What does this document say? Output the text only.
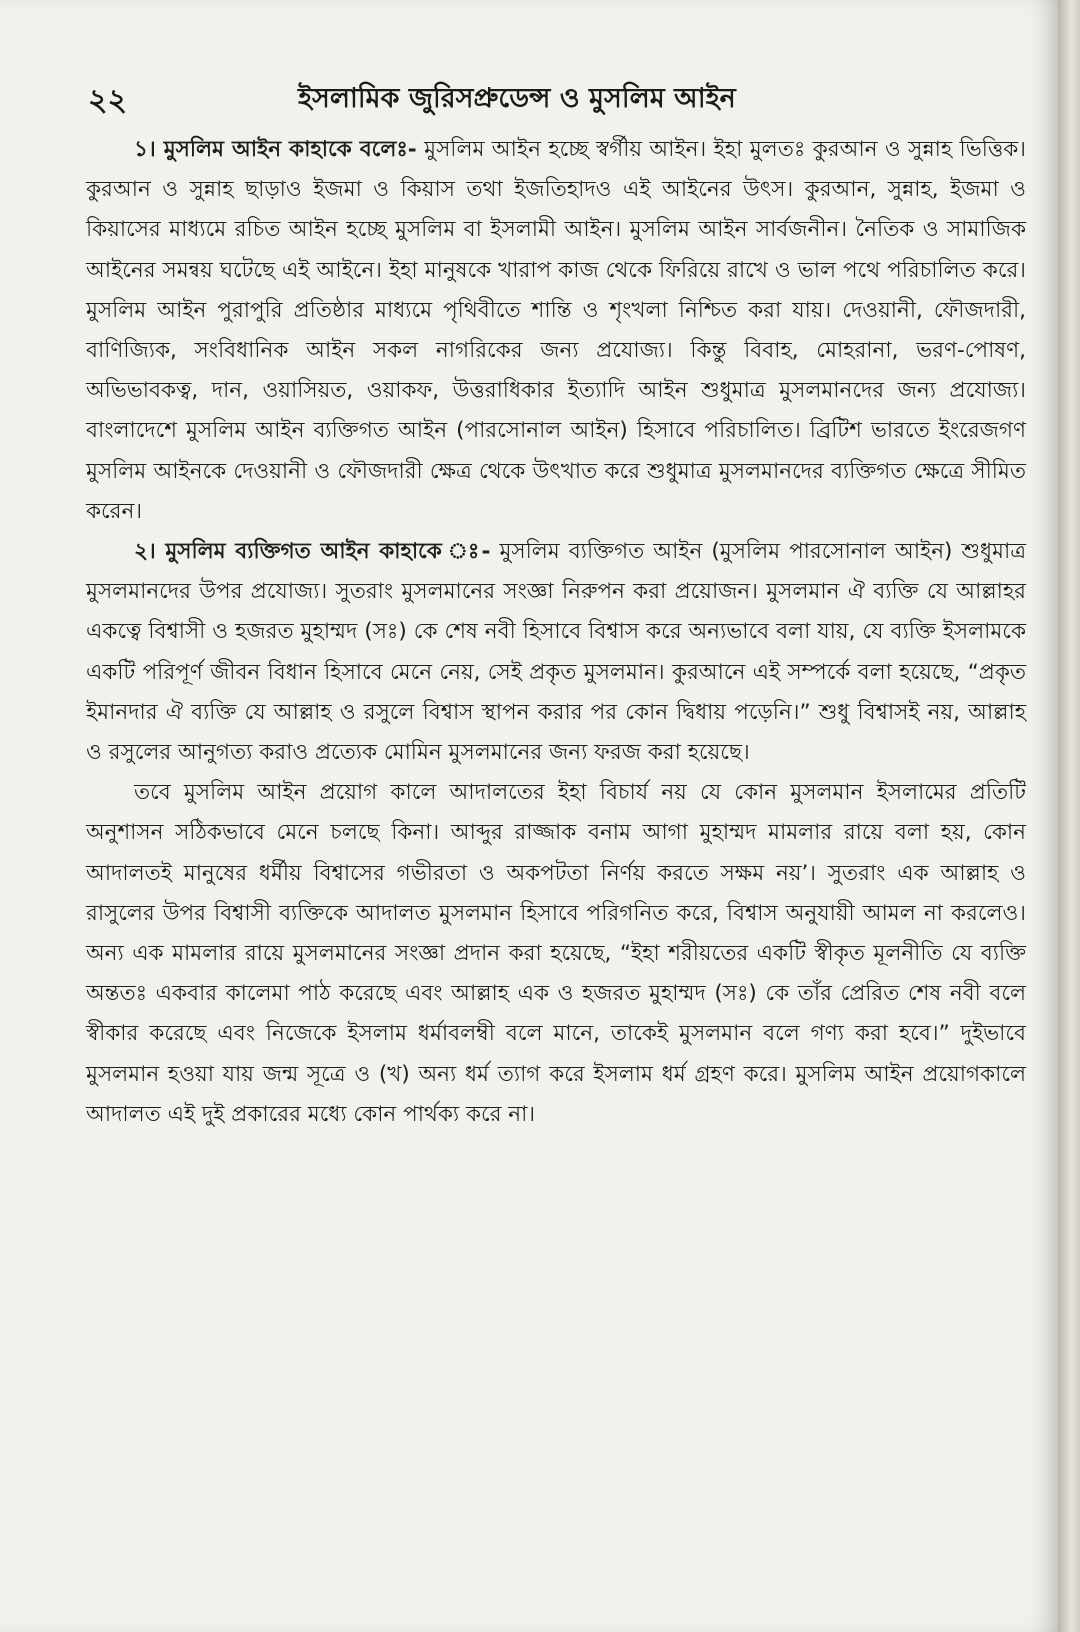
২২	ইসলামিক জুরিসপ্রুডেন্স ও মুসলিম আইন

১। মুসলিম আইন কাহাকে বলেঃ- মুসলিম আইন হচ্ছে স্বর্গীয় আইন। ইহা মুলতঃ কুরআন ও সুন্নাহ ভিত্তিক। কুরআন ও সুন্নাহ ছাড়াও ইজমা ও কিয়াস তথা ইজতিহাদও এই আইনের উৎস। কুরআন, সুন্নাহ, ইজমা ও কিয়াসের মাধ্যমে রচিত আইন হচ্ছে মুসলিম বা ইসলামী আইন। মুসলিম আইন সার্বজনীন। নৈতিক ও সামাজিক আইনের সমন্বয় ঘটেছে এই আইনে। ইহা মানুষকে খারাপ কাজ থেকে ফিরিয়ে রাখে ও ভাল পথে পরিচালিত করে। মুসলিম আইন পুরাপুরি প্রতিষ্ঠার মাধ্যমে পৃথিবীতে শান্তি ও শৃংখলা নিশ্চিত করা যায়। দেওয়ানী, ফৌজদারী, বাণিজ্যিক, সংবিধানিক আইন সকল নাগরিকের জন্য প্রযোজ্য। কিন্তু বিবাহ, মোহরানা, ভরণ-পোষণ, অভিভাবকত্ব, দান, ওয়াসিয়ত, ওয়াকফ, উত্তরাধিকার ইত্যাদি আইন শুধুমাত্র মুসলমানদের জন্য প্রযোজ্য। বাংলাদেশে মুসলিম আইন ব্যক্তিগত আইন (পারসোনাল আইন) হিসাবে পরিচালিত। ব্রিটিশ ভারতে ইংরেজগণ মুসলিম আইনকে দেওয়ানী ও ফৌজদারী ক্ষেত্র থেকে উৎখাত করে শুধুমাত্র মুসলমানদের ব্যক্তিগত ক্ষেত্রে সীমিত করেন।

২। মুসলিম ব্যক্তিগত আইন কাহাকে ঃ- মুসলিম ব্যক্তিগত আইন (মুসলিম পারসোনাল আইন) শুধুমাত্র মুসলমানদের উপর প্রযোজ্য। সুতরাং মুসলমানের সংজ্ঞা নিরুপন করা প্রয়োজন। মুসলমান ঐ ব্যক্তি যে আল্লাহর একত্বে বিশ্বাসী ও হজরত মুহাম্মদ (সঃ) কে শেষ নবী হিসাবে বিশ্বাস করে অন্যভাবে বলা যায়, যে ব্যক্তি ইসলামকে একটি পরিপূর্ণ জীবন বিধান হিসাবে মেনে নেয়, সেই প্রকৃত মুসলমান। কুরআনে এই সম্পর্কে বলা হয়েছে, “প্রকৃত ইমানদার ঐ ব্যক্তি যে আল্লাহ ও রসুলে বিশ্বাস স্থাপন করার পর কোন দ্বিধায় পড়েনি।” শুধু বিশ্বাসই নয়, আল্লাহ ও রসুলের আনুগত্য করাও প্রত্যেক মোমিন মুসলমানের জন্য ফরজ করা হয়েছে।

তবে মুসলিম আইন প্রয়োগ কালে আদালতের ইহা বিচার্য নয় যে কোন মুসলমান ইসলামের প্রতিটি অনুশাসন সঠিকভাবে মেনে চলছে কিনা। আব্দুর রাজ্জাক বনাম আগা মুহাম্মদ মামলার রায়ে বলা হয়, কোন আদালতই মানুষের ধর্মীয় বিশ্বাসের গভীরতা ও অকপটতা নির্ণয় করতে সক্ষম নয়’। সুতরাং এক আল্লাহ ও রাসুলের উপর বিশ্বাসী ব্যক্তিকে আদালত মুসলমান হিসাবে পরিগনিত করে, বিশ্বাস অনুযায়ী আমল না করলেও। অন্য এক মামলার রায়ে মুসলমানের সংজ্ঞা প্রদান করা হয়েছে, “ইহা শরীয়তের একটি স্বীকৃত মূলনীতি যে ব্যক্তি অন্ততঃ একবার কালেমা পাঠ করেছে এবং আল্লাহ এক ও হজরত মুহাম্মদ (সঃ) কে তাঁর প্রেরিত শেষ নবী বলে স্বীকার করেছে এবং নিজেকে ইসলাম ধর্মাবলম্বী বলে মানে, তাকেই মুসলমান বলে গণ্য করা হবে।” দুইভাবে মুসলমান হওয়া যায় জন্ম সূত্রে ও (খ) অন্য ধর্ম ত্যাগ করে ইসলাম ধর্ম গ্রহণ করে। মুসলিম আইন প্রয়োগকালে আদালত এই দুই প্রকারের মধ্যে কোন পার্থক্য করে না।
